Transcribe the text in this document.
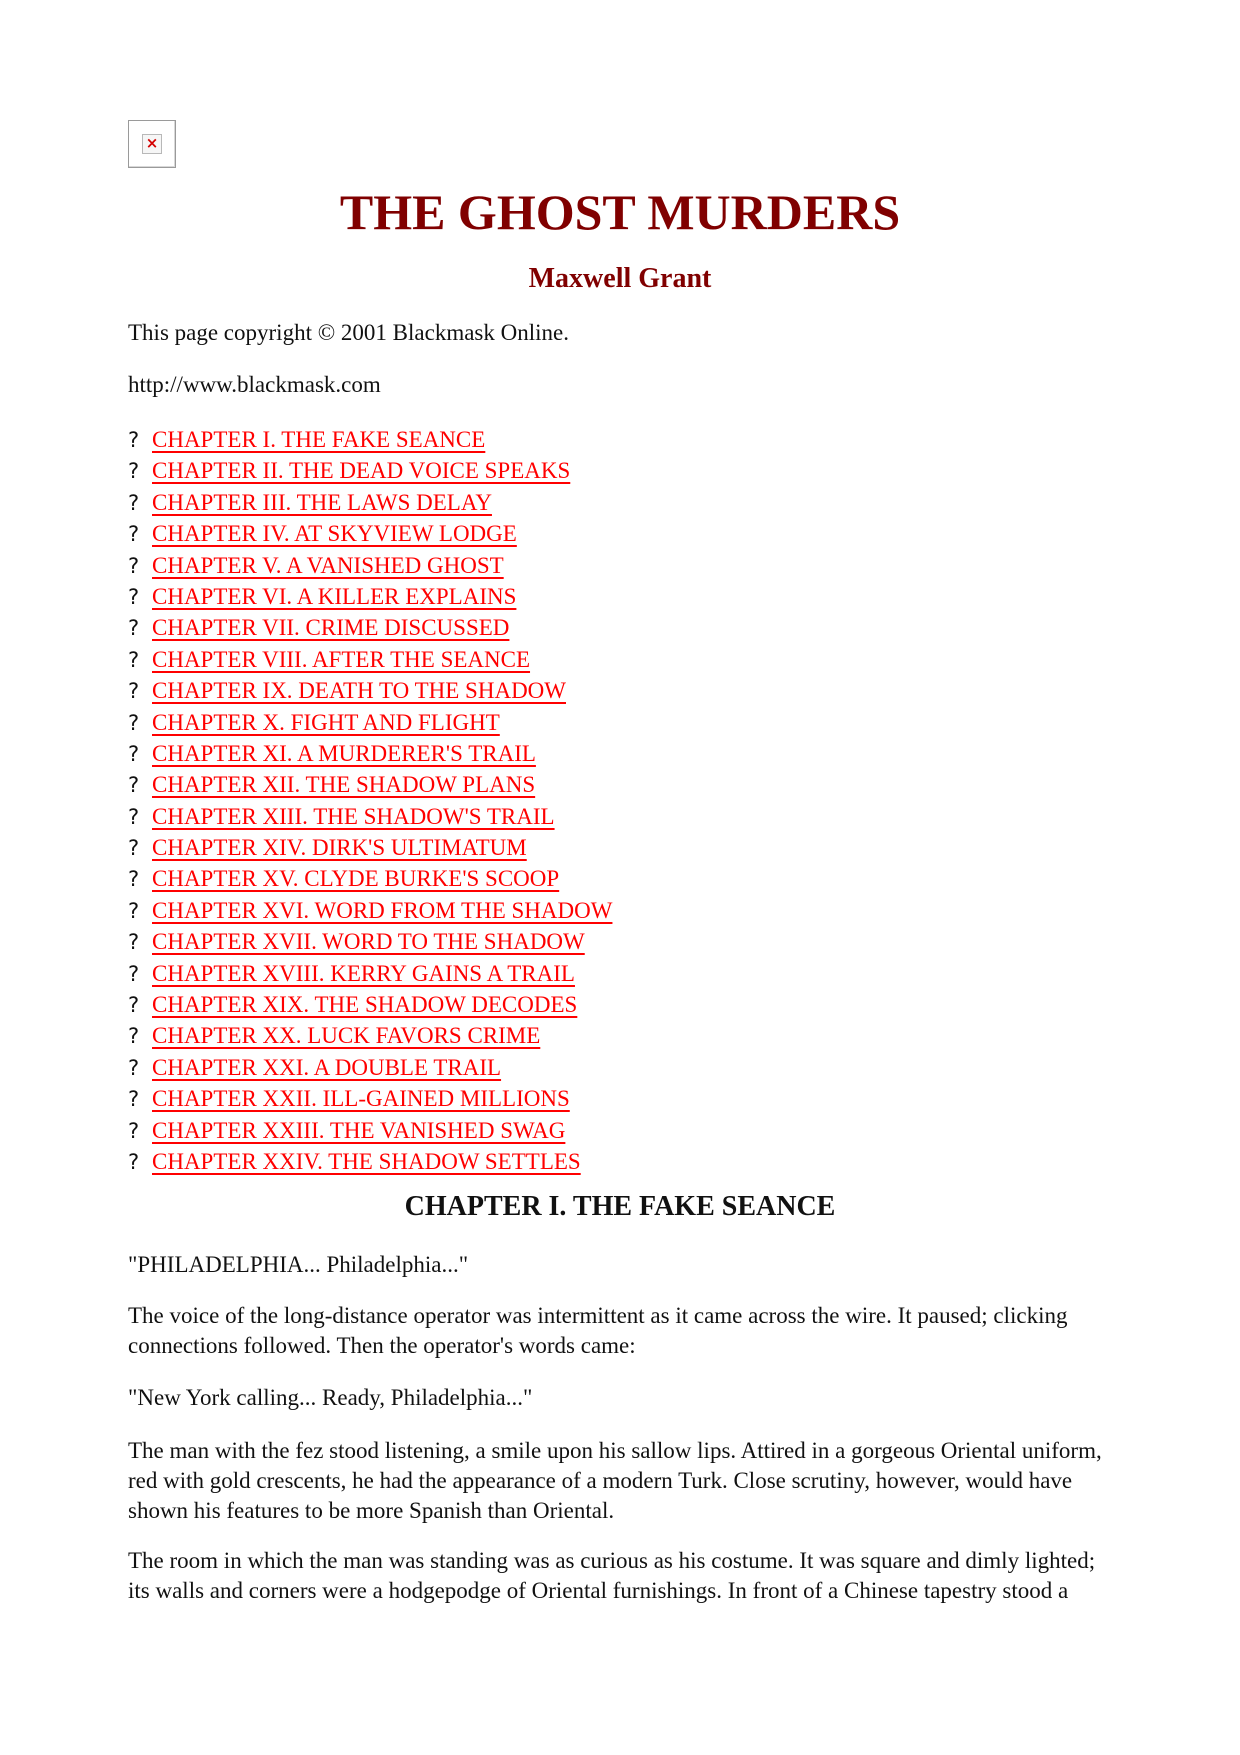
×
THE GHOST MURDERS
Maxwell Grant

This page copyright © 2001 Blackmask Online.

http://www.blackmask.com

? CHAPTER I. THE FAKE SEANCE
? CHAPTER II. THE DEAD VOICE SPEAKS
? CHAPTER III. THE LAWS DELAY
? CHAPTER IV. AT SKYVIEW LODGE
? CHAPTER V. A VANISHED GHOST
? CHAPTER VI. A KILLER EXPLAINS
? CHAPTER VII. CRIME DISCUSSED
? CHAPTER VIII. AFTER THE SEANCE
? CHAPTER IX. DEATH TO THE SHADOW
? CHAPTER X. FIGHT AND FLIGHT
? CHAPTER XI. A MURDERER'S TRAIL
? CHAPTER XII. THE SHADOW PLANS
? CHAPTER XIII. THE SHADOW'S TRAIL
? CHAPTER XIV. DIRK'S ULTIMATUM
? CHAPTER XV. CLYDE BURKE'S SCOOP
? CHAPTER XVI. WORD FROM THE SHADOW
? CHAPTER XVII. WORD TO THE SHADOW
? CHAPTER XVIII. KERRY GAINS A TRAIL
? CHAPTER XIX. THE SHADOW DECODES
? CHAPTER XX. LUCK FAVORS CRIME
? CHAPTER XXI. A DOUBLE TRAIL
? CHAPTER XXII. ILL-GAINED MILLIONS
? CHAPTER XXIII. THE VANISHED SWAG
? CHAPTER XXIV. THE SHADOW SETTLES
CHAPTER I. THE FAKE SEANCE

"PHILADELPHIA... Philadelphia..."

The voice of the long-distance operator was intermittent as it came across the wire. It paused; clicking connections followed. Then the operator's words came:

"New York calling... Ready, Philadelphia..."

The man with the fez stood listening, a smile upon his sallow lips. Attired in a gorgeous Oriental uniform, red with gold crescents, he had the appearance of a modern Turk. Close scrutiny, however, would have shown his features to be more Spanish than Oriental.

The room in which the man was standing was as curious as his costume. It was square and dimly lighted; its walls and corners were a hodgepodge of Oriental furnishings. In front of a Chinese tapestry stood a
